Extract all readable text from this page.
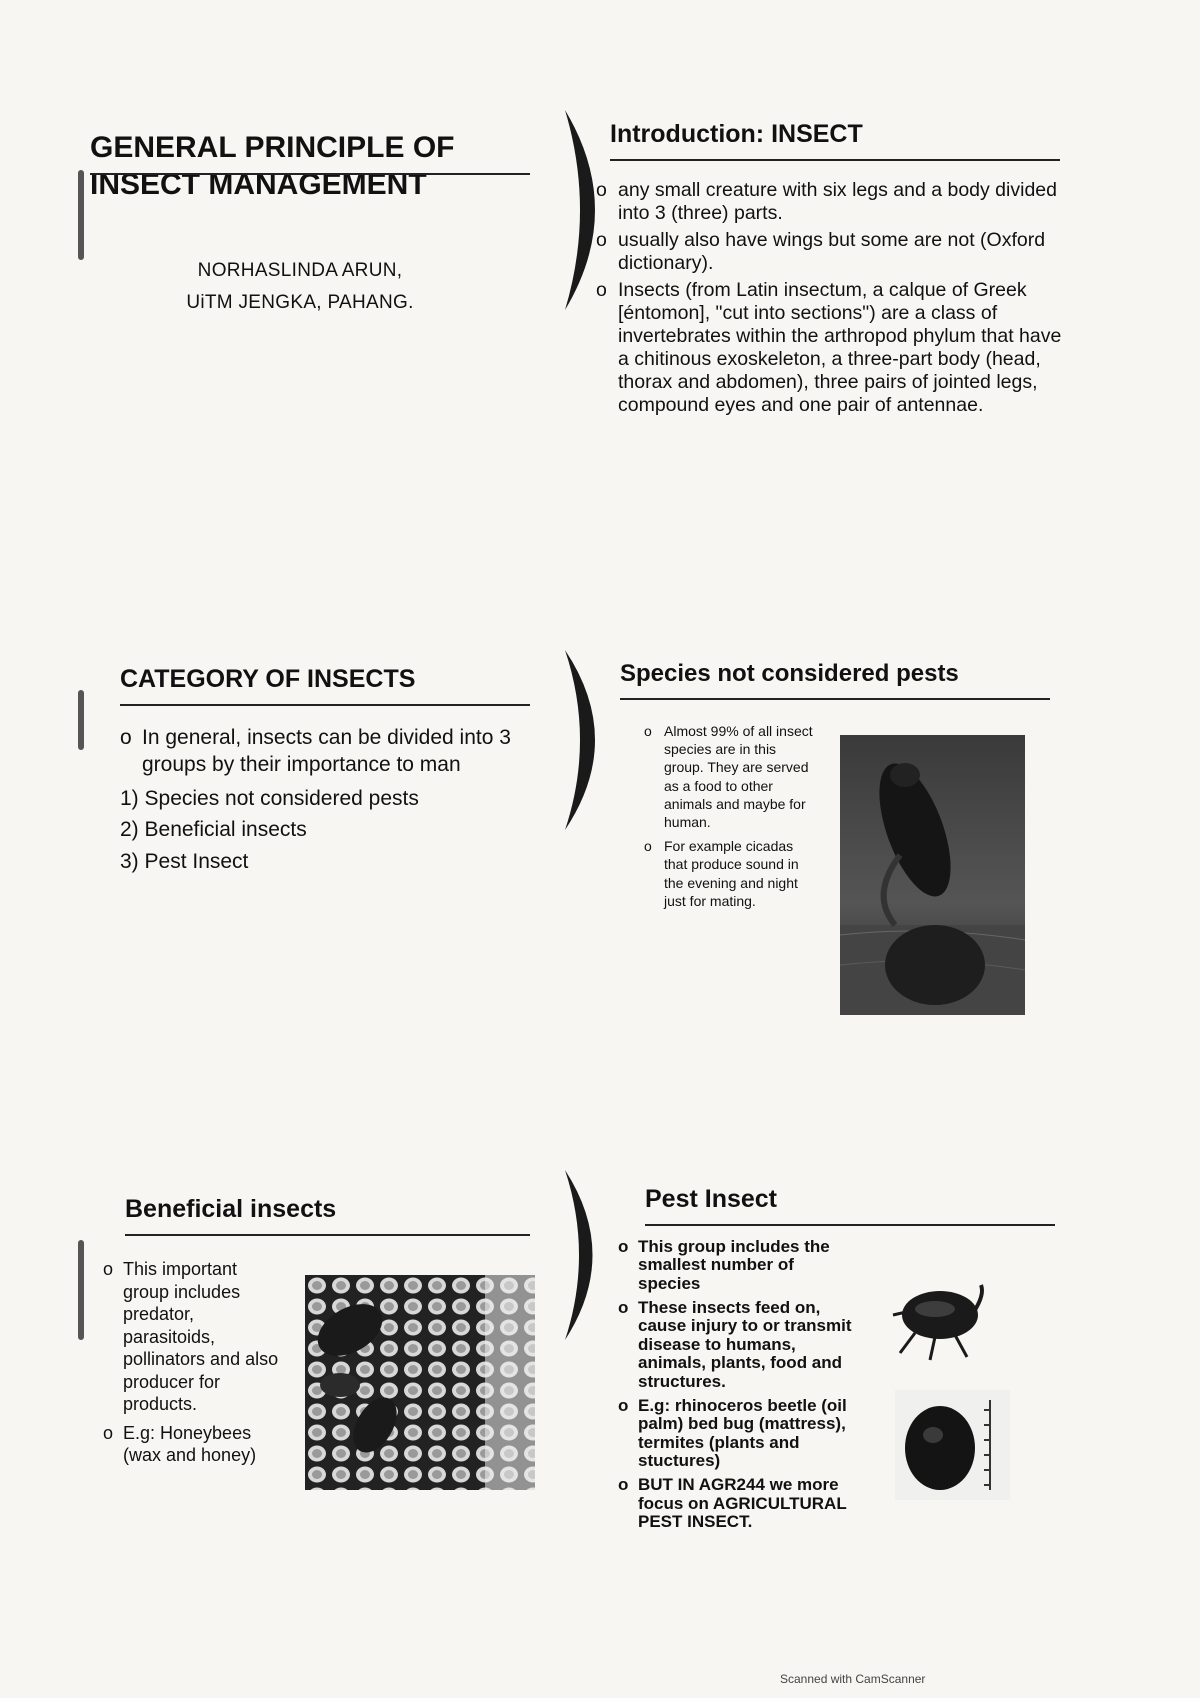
GENERAL PRINCIPLE OF
INSECT MANAGEMENT
NORHASLINDA ARUN,
UiTM JENGKA, PAHANG.
Introduction: INSECT
o any small creature with six legs and a body divided into 3 (three) parts.
o usually also have wings but some are not (Oxford dictionary).
o Insects (from Latin insectum, a calque of Greek [éntomon], "cut into sections") are a class of invertebrates within the arthropod phylum that have a chitinous exoskeleton, a three-part body (head, thorax and abdomen), three pairs of jointed legs, compound eyes and one pair of antennae.
CATEGORY OF INSECTS
o In general, insects can be divided into 3 groups by their importance to man
1) Species not considered pests
2) Beneficial insects
3) Pest Insect
Species not considered pests
o Almost 99% of all insect species are in this group. They are served as a food to other animals and maybe for human.
o For example cicadas that produce sound in the evening and night just for mating.
Beneficial insects
o This important group includes predator, parasitoids, pollinators and also producer for products.
o E.g: Honeybees (wax and honey)
Pest Insect
o This group includes the smallest number of species
o These insects feed on, cause injury to or transmit disease to humans, animals, plants, food and structures.
o E.g: rhinoceros beetle (oil palm) bed bug (mattress), termites (plants and stuctures)
o BUT IN AGR244 we more focus on AGRICULTURAL PEST INSECT.
Scanned with CamScanner
